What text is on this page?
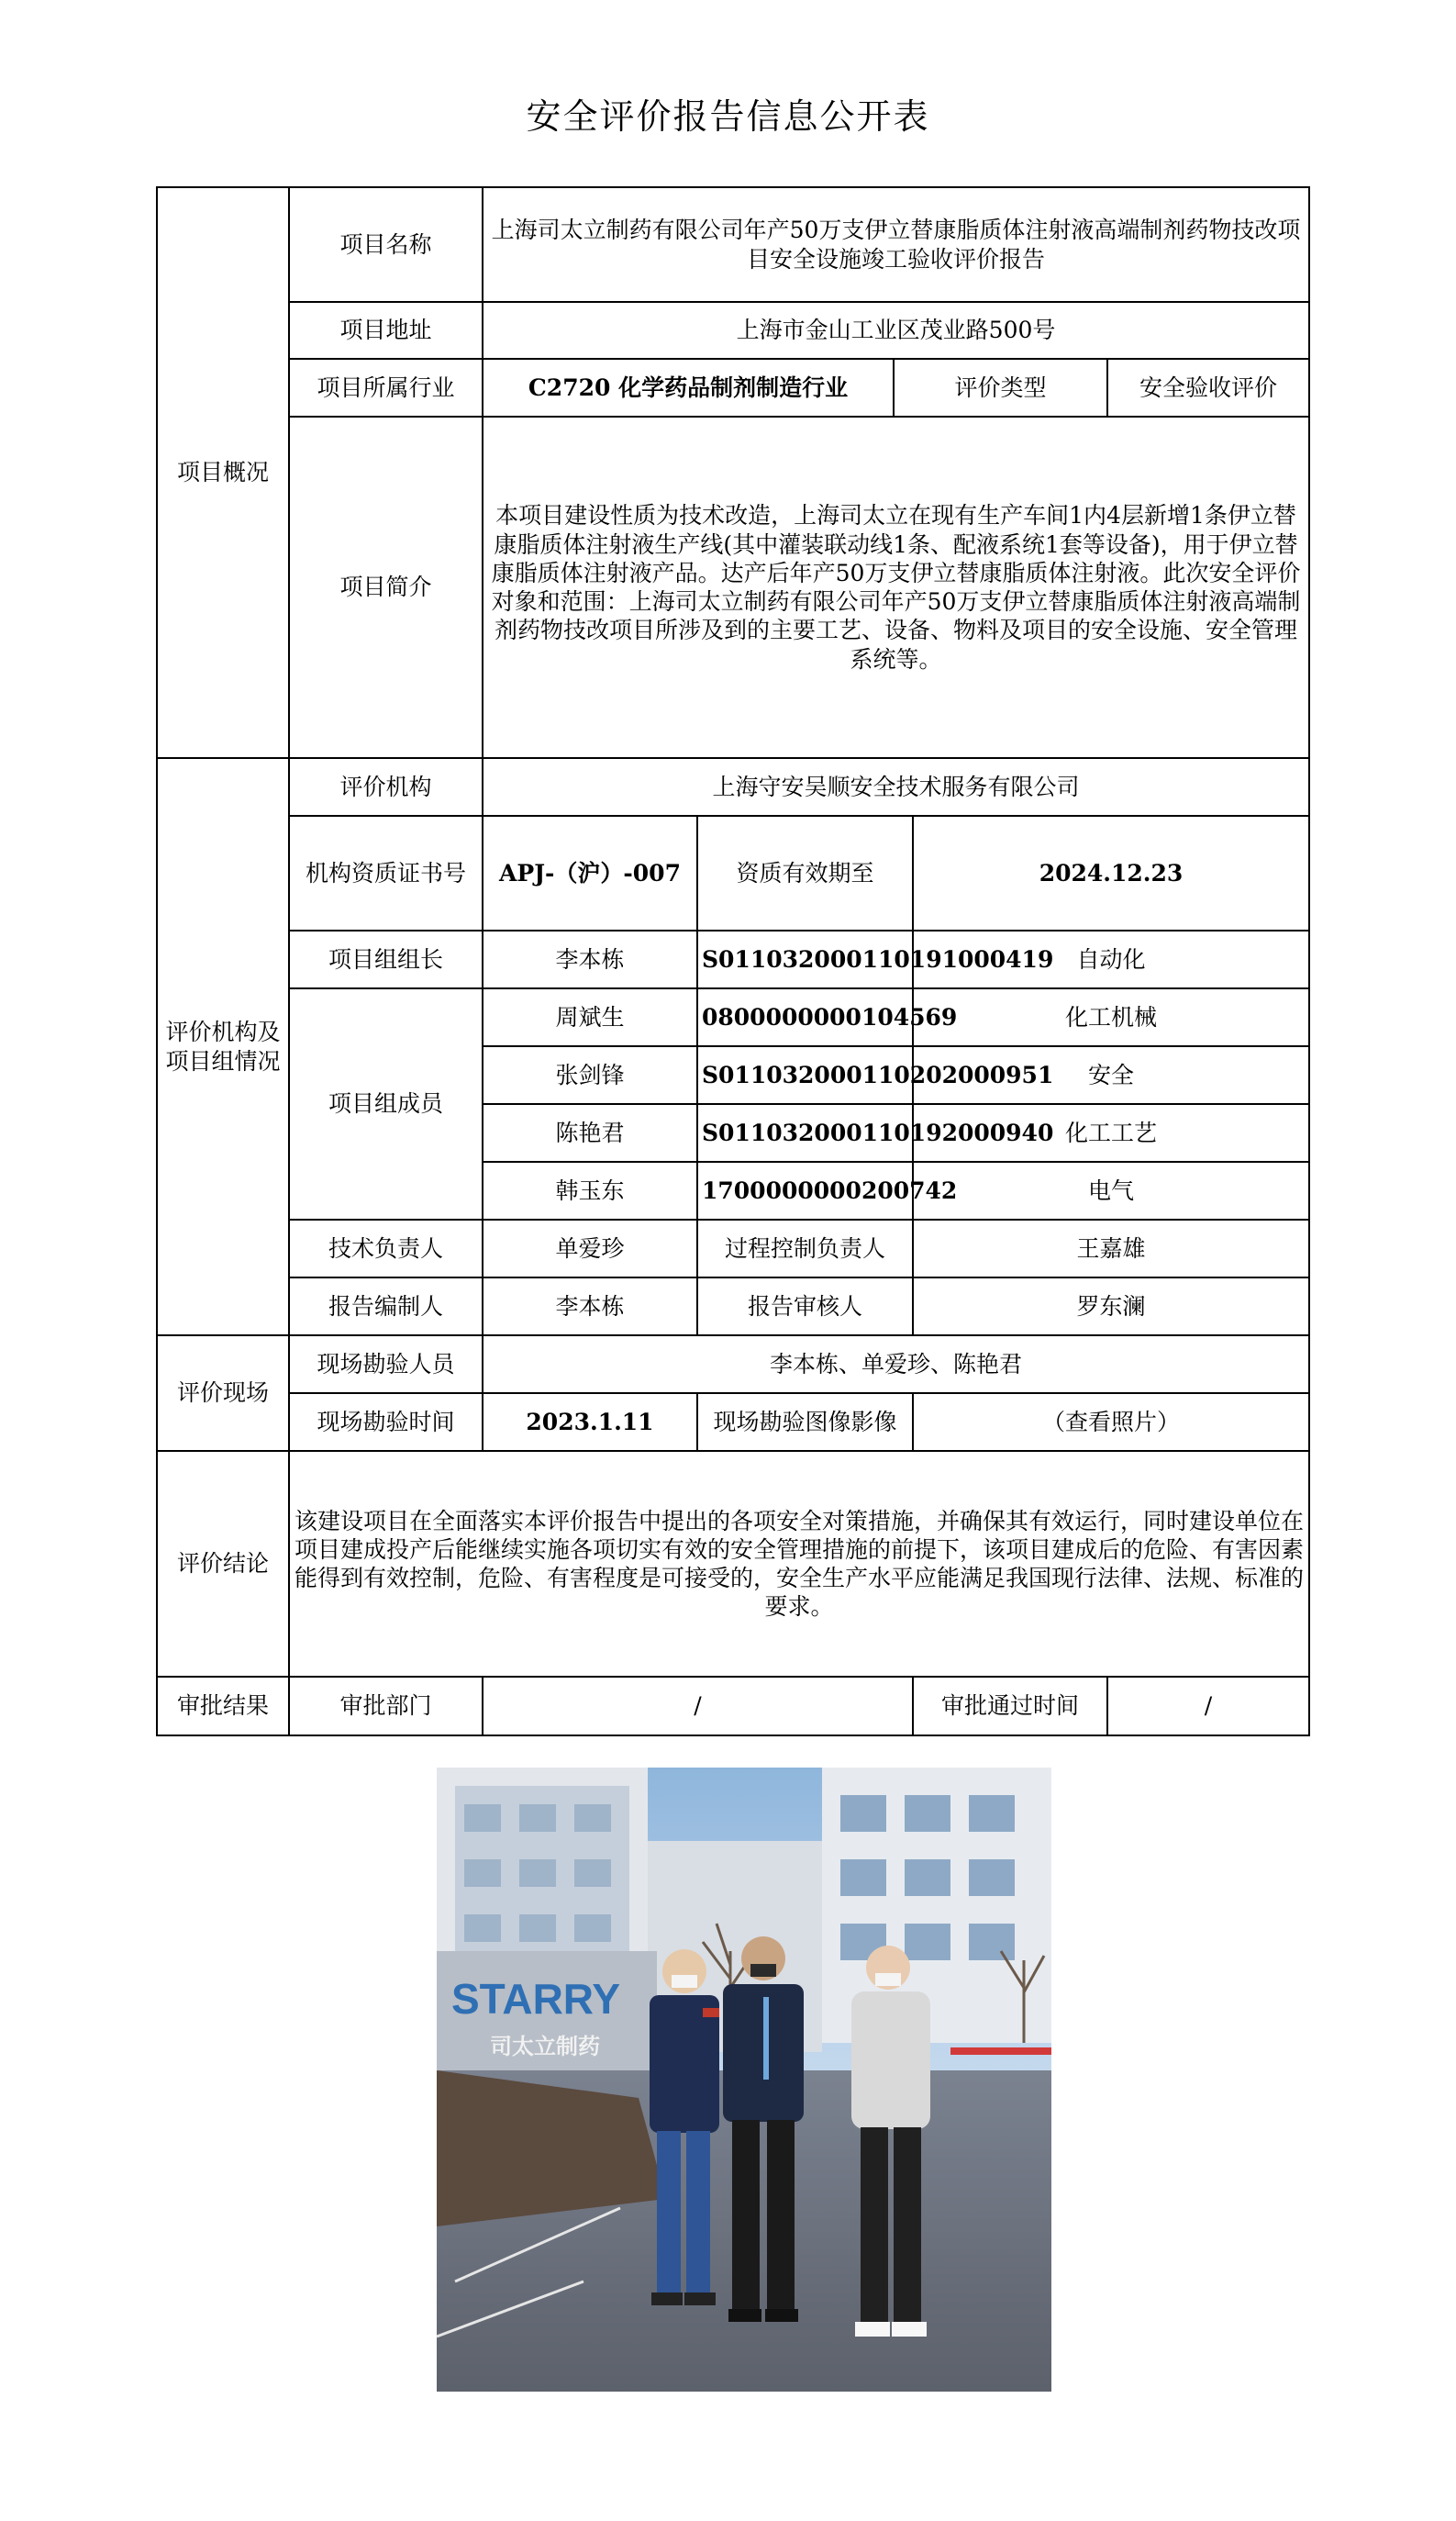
安全评价报告信息公开表
项目概况	项目名称	上海司太立制药有限公司年产50万支伊立替康脂质体注射液高端制剂药物技改项目安全设施竣工验收评价报告				
	项目地址	上海市金山工业区茂业路500号				
	项目所属行业	C2720 化学药品制剂制造行业		评价类型		安全验收评价
	项目简介	本项目建设性质为技术改造，上海司太立在现有生产车间1内4层新增1条伊立替康脂质体注射液生产线(其中灌装联动线1条、配液系统1套等设备)，用于伊立替康脂质体注射液产品。达产后年产50万支伊立替康脂质体注射液。此次安全评价对象和范围：上海司太立制药有限公司年产50万支伊立替康脂质体注射液高端制剂药物技改项目所涉及到的主要工艺、设备、物料及项目的安全设施、安全管理系统等。				
评价机构及项目组情况	评价机构	上海守安吴顺安全技术服务有限公司				
	机构资质证书号	APJ-（沪）-007	资质有效期至		2024.12.23	
	项目组组长	李本栋	S011032000110191000419		自动化	
	项目组成员	周斌生	0800000000104569		化工机械	
		张剑锋	S011032000110202000951		安全	
		陈艳君	S011032000110192000940		化工工艺	
		韩玉东	1700000000200742		电气	
	技术负责人	单爱珍	过程控制负责人		王嘉雄	
	报告编制人	李本栋	报告审核人		罗东澜	

评价现场	现场勘验人员	李本栋、单爱珍、陈艳君				
	现场勘验时间	2023.1.11	现场勘验图像影像		（查看照片）	
评价结论	该建设项目在全面落实本评价报告中提出的各项安全对策措施，并确保其有效运行，同时建设单位在项目建成投产后能继续实施各项切实有效的安全管理措施的前提下，该项目建成后的危险、有害因素能得到有效控制，危险、有害程度是可接受的，安全生产水平应能满足我国现行法律、法规、标准的要求。					
审批结果	审批部门	/			审批通过时间	/
STARRY
司太立制药
